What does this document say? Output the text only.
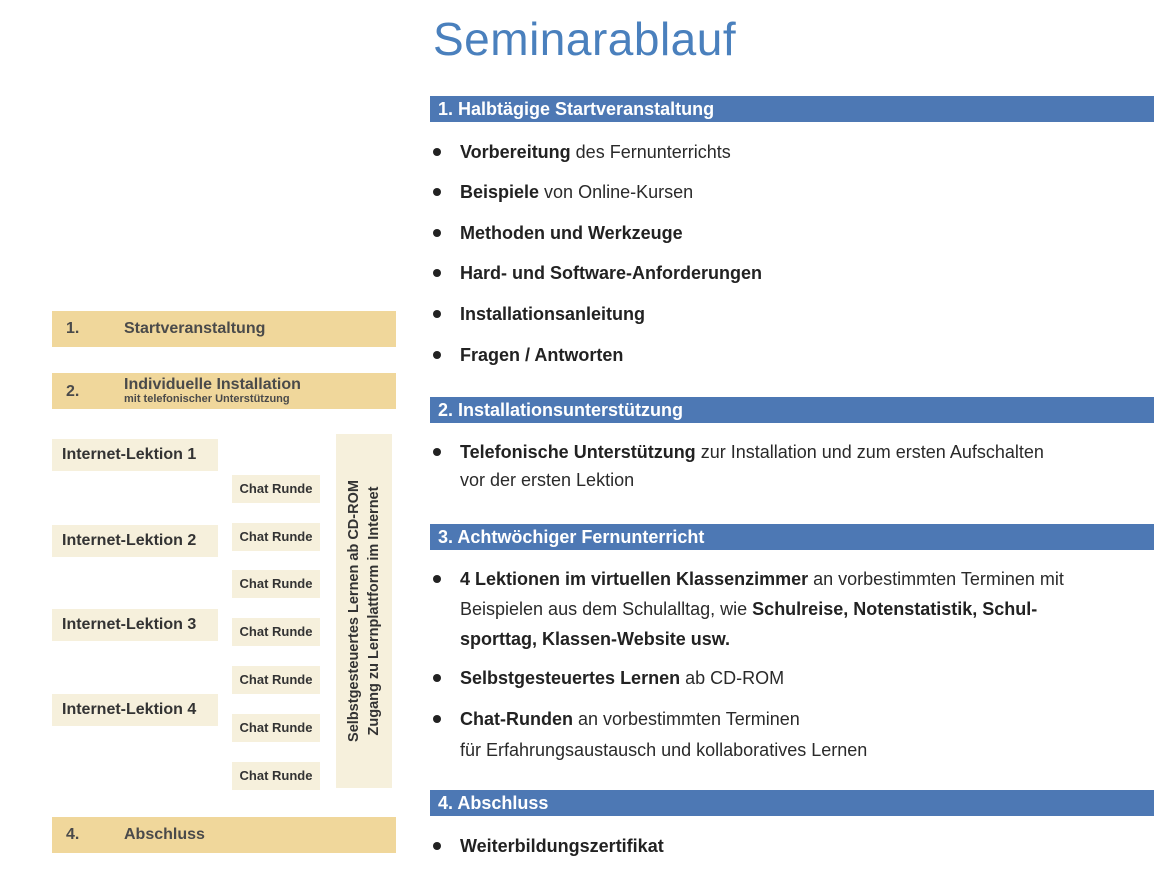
Seminarablauf
1. Halbtägige Startveranstaltung
Vorbereitung des Fernunterrichts
Beispiele von Online-Kursen
Methoden und Werkzeuge
Hard- und Software-Anforderungen
Installationsanleitung
Fragen / Antworten
2. Installationsunterstützung
Telefonische Unterstützung zur Installation und zum ersten Aufschalten
vor der ersten Lektion
3. Achtwöchiger Fernunterricht
4 Lektionen im virtuellen Klassenzimmer an vorbestimmten Terminen mit
Beispielen aus dem Schulalltag, wie Schulreise, Notenstatistik, Schul-
sporttag, Klassen-Website usw.
Selbstgesteuertes Lernen ab CD-ROM
Chat-Runden an vorbestimmten Terminen
für Erfahrungsaustausch und kollaboratives Lernen
4. Abschluss
Weiterbildungszertifikat
1.	Startveranstaltung
2.	Individuelle Installation
mit telefonischer Unterstützung
Internet-Lektion 1
Internet-Lektion 2
Internet-Lektion 3
Internet-Lektion 4
Chat Runde
Chat Runde
Chat Runde
Chat Runde
Chat Runde
Chat Runde
Chat Runde
Selbstgesteuertes Lernen ab CD-ROM Zugang zu Lernplattform im Internet
4.	Abschluss
